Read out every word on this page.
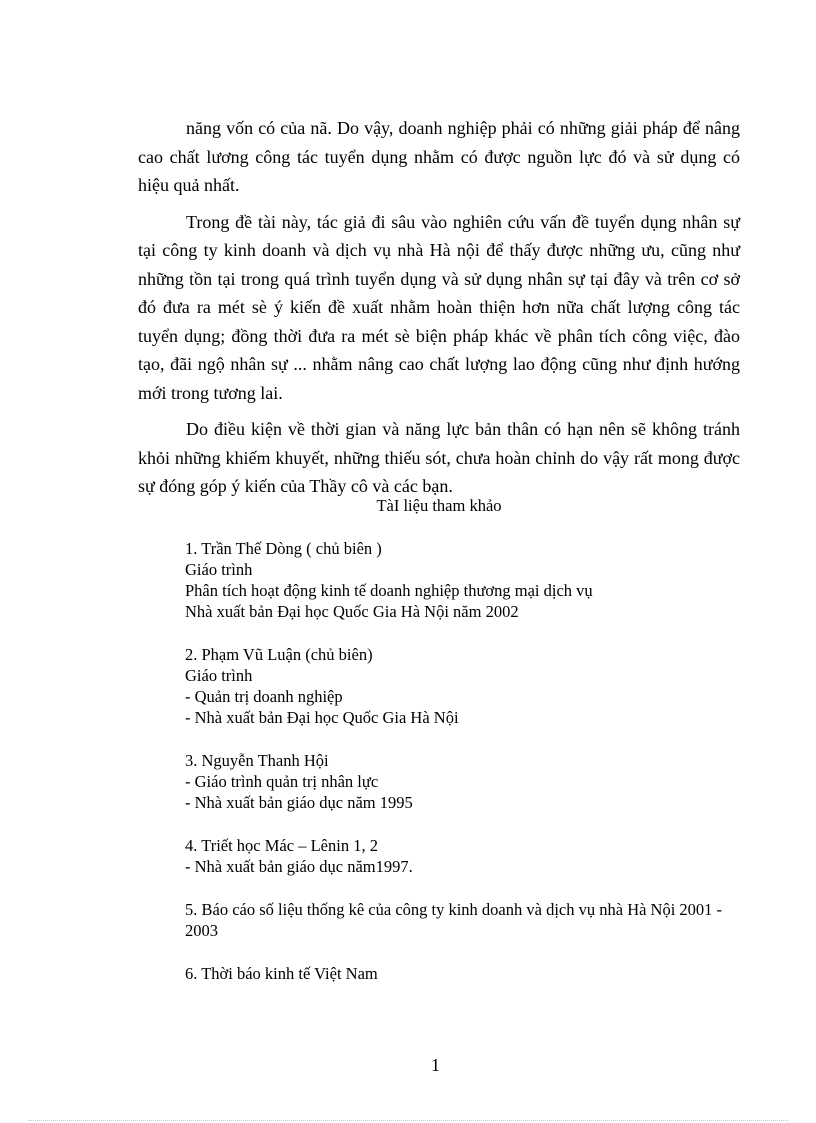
năng vốn có của nã. Do vậy, doanh nghiệp phải có những giải pháp để nâng cao chất lương công tác tuyển dụng nhằm có được nguồn lực đó và sử dụng có hiệu quả nhất.

Trong đề tài này, tác giả đi sâu vào nghiên cứu vấn đề tuyển dụng nhân sự tại công ty kinh doanh và dịch vụ nhà Hà nội để thấy được những ưu, cũng như những tồn tại trong quá trình tuyển dụng và sử dụng nhân sự tại đây và trên cơ sở đó đưa ra mét sè ý kiến đề xuất nhằm hoàn thiện hơn nữa chất lượng công tác tuyển dụng; đồng thời đưa ra mét sè biện pháp khác về phân tích công việc, đào tạo, đãi ngộ nhân sự ... nhằm nâng cao chất lượng lao động cũng như định hướng mới trong tương lai.

Do điều kiện về thời gian và năng lực bản thân có hạn nên sẽ không tránh khỏi những khiếm khuyết, những thiếu sót, chưa hoàn chỉnh do vậy rất mong được sự đóng góp ý kiến của Thầy cô và các bạn.

TàI liệu tham khảo

1. Trần Thế Dòng ( chủ biên )
Giáo trình
Phân tích hoạt động kinh tế doanh nghiệp thương mại dịch vụ
Nhà xuất bản Đại học Quốc Gia Hà Nội năm 2002
2. Phạm Vũ Luận (chủ biên)
Giáo trình
- Quản trị doanh nghiệp
- Nhà xuất bản Đại học Quốc Gia Hà Nội
3. Nguyễn Thanh Hội
- Giáo trình quản trị nhân lực
- Nhà xuất bản giáo dục năm 1995
4. Triết học Mác – Lênin 1, 2
- Nhà xuất bản giáo dục năm1997.
5. Báo cáo số liệu thống kê của công ty kinh doanh và dịch vụ nhà Hà Nội 2001 - 2003
6. Thời báo kinh tế Việt Nam
1
